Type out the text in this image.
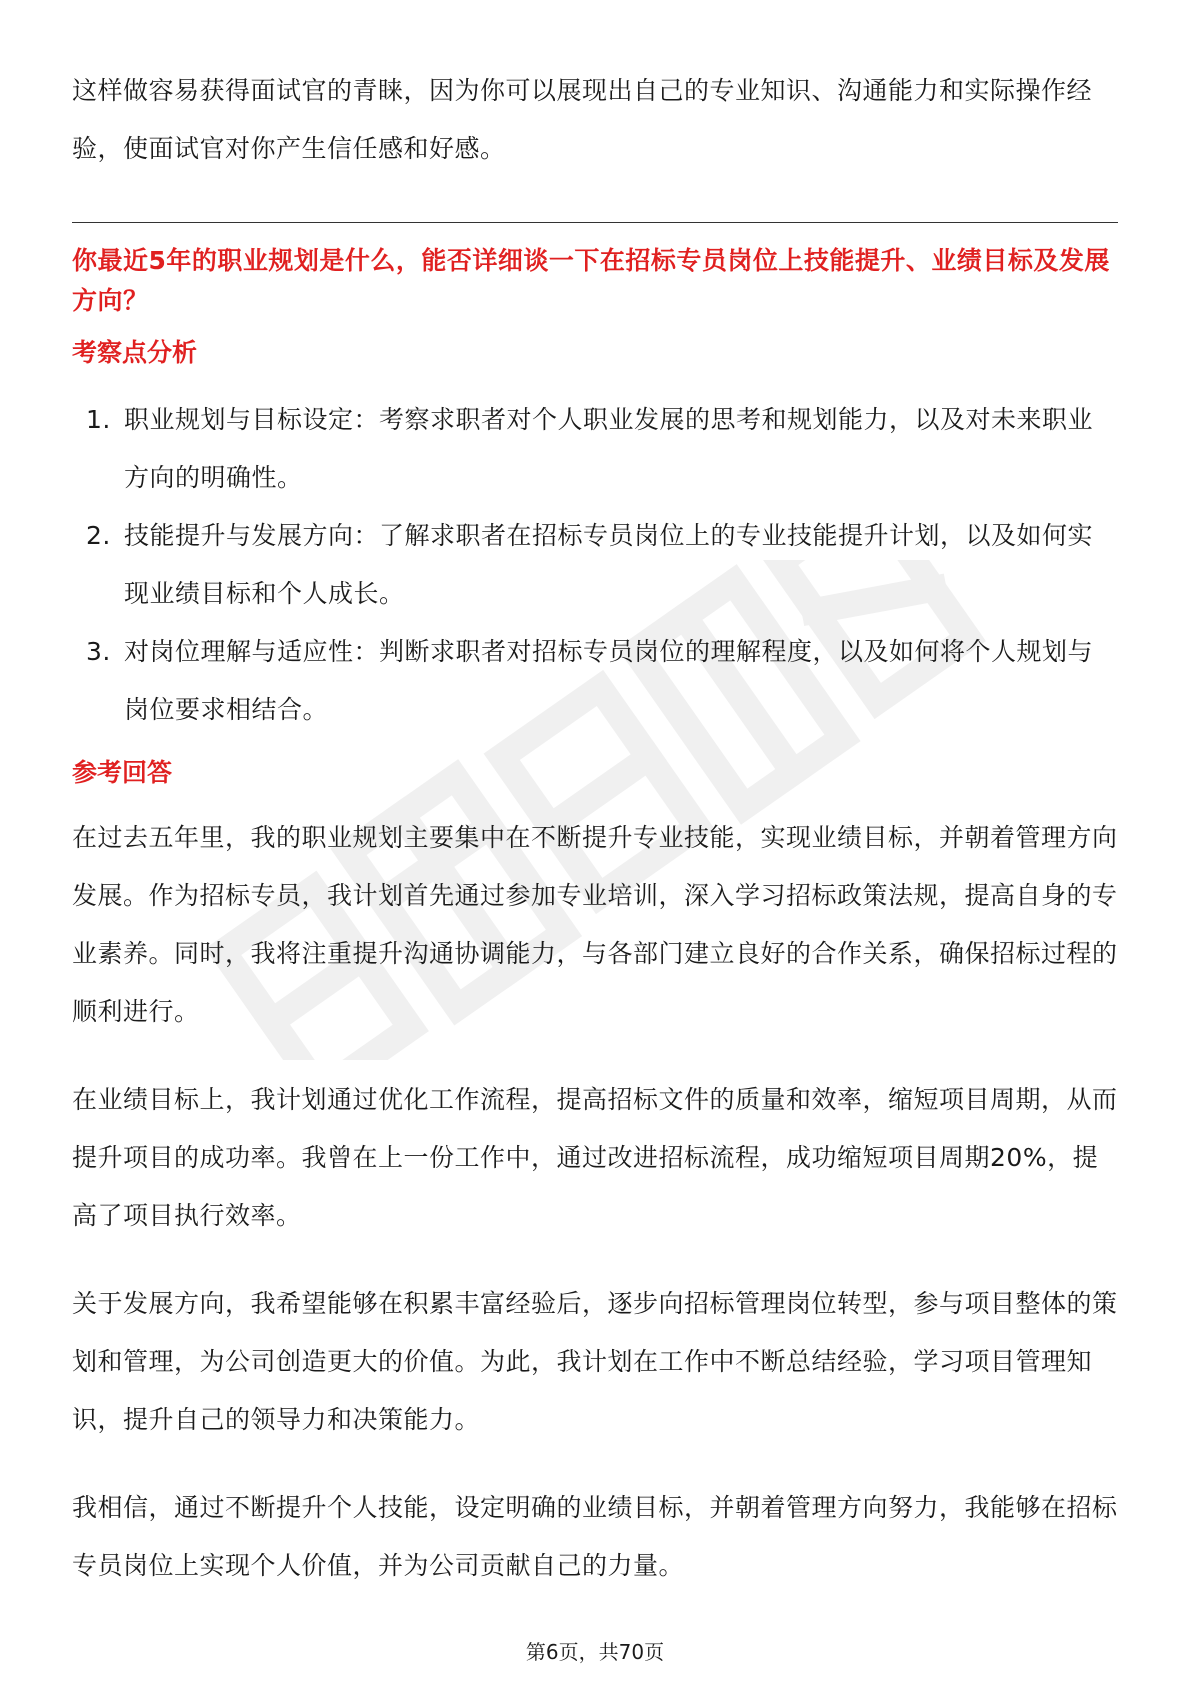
这样做容易获得面试官的青睐，因为你可以展现出自己的专业知识、沟通能力和实际操作经验，使面试官对你产生信任感和好感。

你最近5年的职业规划是什么，能否详细谈一下在招标专员岗位上技能提升、业绩目标及发展方向？

考察点分析

1. 职业规划与目标设定：考察求职者对个人职业发展的思考和规划能力，以及对未来职业方向的明确性。
2. 技能提升与发展方向：了解求职者在招标专员岗位上的专业技能提升计划，以及如何实现业绩目标和个人成长。
3. 对岗位理解与适应性：判断求职者对招标专员岗位的理解程度，以及如何将个人规划与岗位要求相结合。

参考回答

在过去五年里，我的职业规划主要集中在不断提升专业技能，实现业绩目标，并朝着管理方向发展。作为招标专员，我计划首先通过参加专业培训，深入学习招标政策法规，提高自身的专业素养。同时，我将注重提升沟通协调能力，与各部门建立良好的合作关系，确保招标过程的顺利进行。

在业绩目标上，我计划通过优化工作流程，提高招标文件的质量和效率，缩短项目周期，从而提升项目的成功率。我曾在上一份工作中，通过改进招标流程，成功缩短项目周期20%，提高了项目执行效率。

关于发展方向，我希望能够在积累丰富经验后，逐步向招标管理岗位转型，参与项目整体的策划和管理，为公司创造更大的价值。为此，我计划在工作中不断总结经验，学习项目管理知识，提升自己的领导力和决策能力。

我相信，通过不断提升个人技能，设定明确的业绩目标，并朝着管理方向努力，我能够在招标专员岗位上实现个人价值，并为公司贡献自己的力量。

第6页，共70页
